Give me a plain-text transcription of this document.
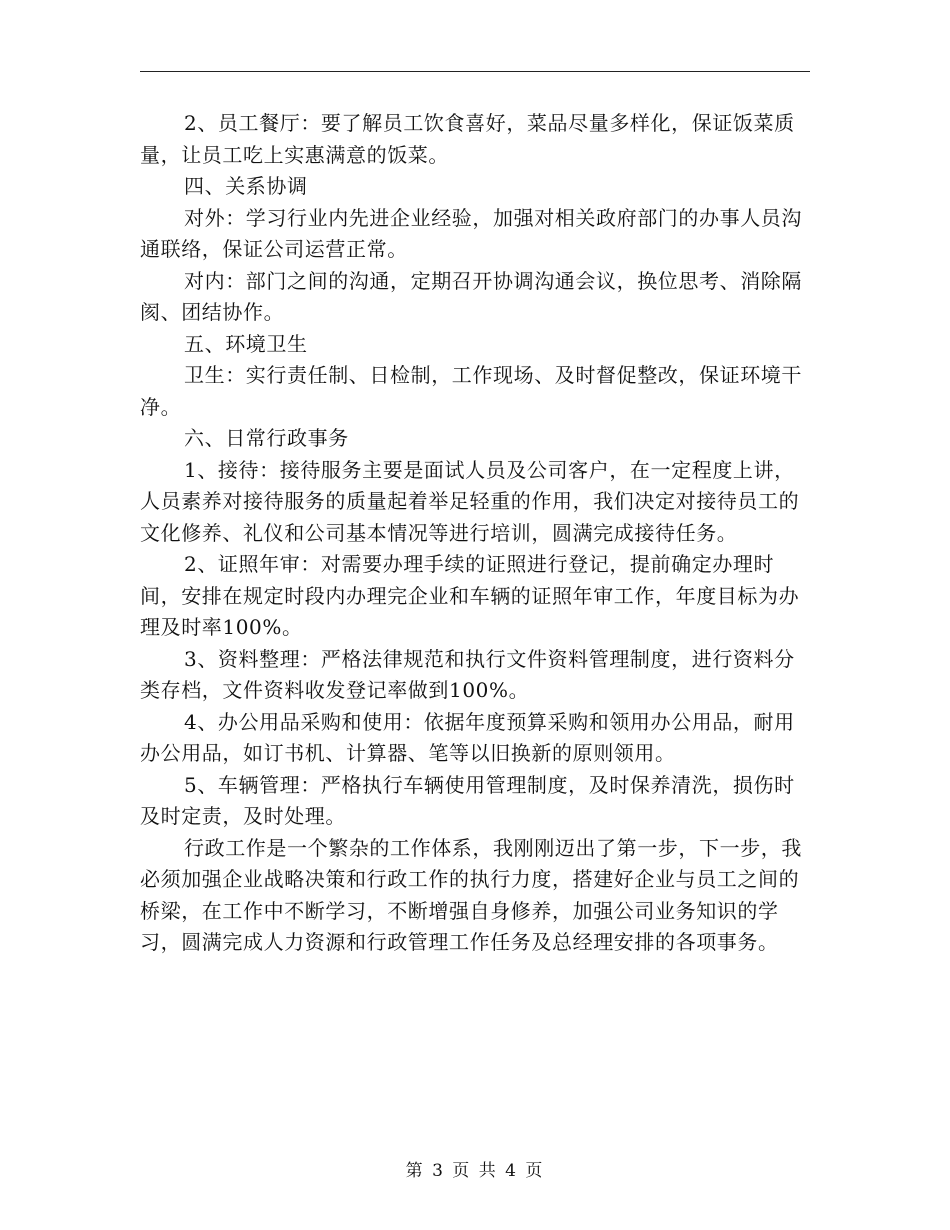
2、员工餐厅：要了解员工饮食喜好，菜品尽量多样化，保证饭菜质量，让员工吃上实惠满意的饭菜。

四、关系协调

对外：学习行业内先进企业经验，加强对相关政府部门的办事人员沟通联络，保证公司运营正常。

对内：部门之间的沟通，定期召开协调沟通会议，换位思考、消除隔阂、团结协作。

五、环境卫生

卫生：实行责任制、日检制，工作现场、及时督促整改，保证环境干净。

六、日常行政事务

1、接待：接待服务主要是面试人员及公司客户，在一定程度上讲，人员素养对接待服务的质量起着举足轻重的作用，我们决定对接待员工的文化修养、礼仪和公司基本情况等进行培训，圆满完成接待任务。

2、证照年审：对需要办理手续的证照进行登记，提前确定办理时间，安排在规定时段内办理完企业和车辆的证照年审工作，年度目标为办理及时率100%。

3、资料整理：严格法律规范和执行文件资料管理制度，进行资料分类存档，文件资料收发登记率做到100%。

4、办公用品采购和使用：依据年度预算采购和领用办公用品，耐用办公用品，如订书机、计算器、笔等以旧换新的原则领用。

5、车辆管理：严格执行车辆使用管理制度，及时保养清洗，损伤时及时定责，及时处理。

行政工作是一个繁杂的工作体系，我刚刚迈出了第一步，下一步，我必须加强企业战略决策和行政工作的执行力度，搭建好企业与员工之间的桥梁，在工作中不断学习，不断增强自身修养，加强公司业务知识的学习，圆满完成人力资源和行政管理工作任务及总经理安排的各项事务。

第 3 页 共 4 页
